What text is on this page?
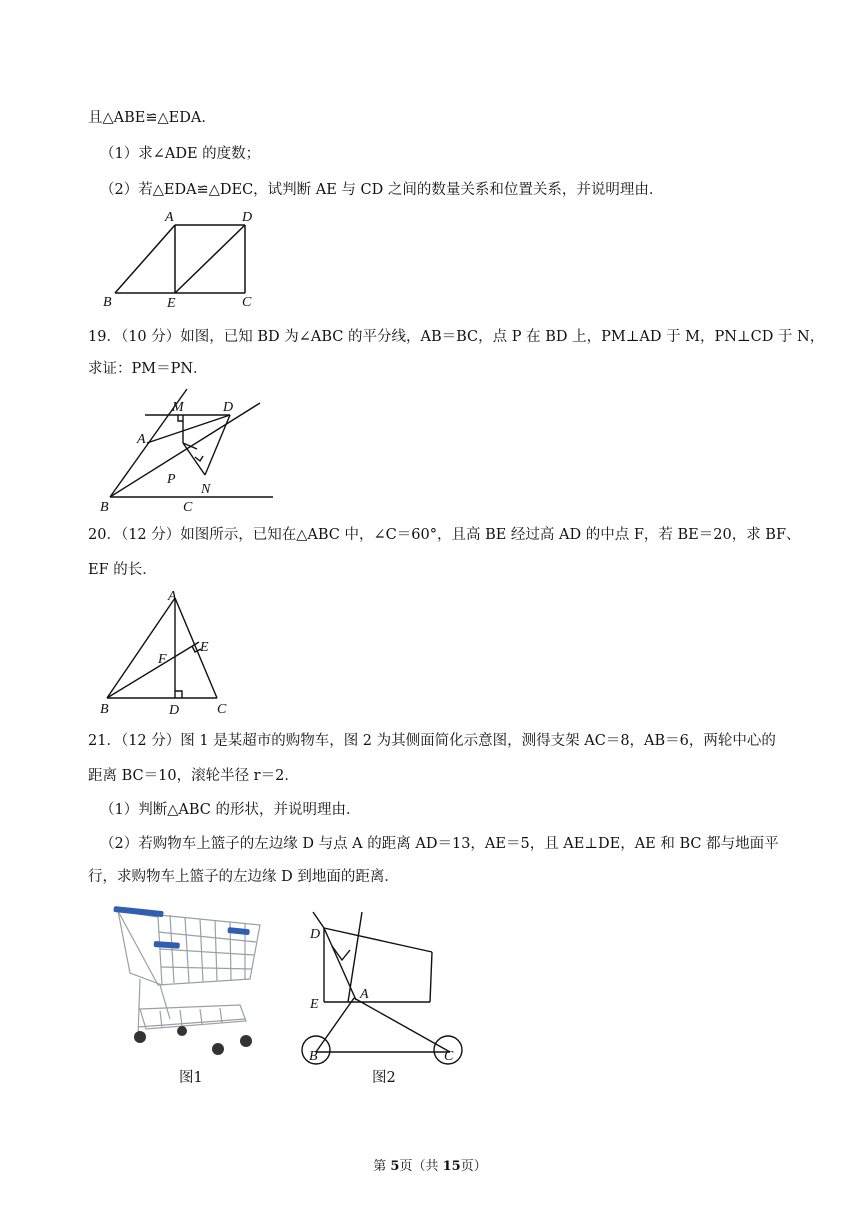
且△ABE≌△EDA．
（1）求∠ADE 的度数；
（2）若△EDA≌△DEC，试判断 AE 与 CD 之间的数量关系和位置关系，并说明理由．
A	D
B	E	C
19．（10 分）如图，已知 BD 为∠ABC 的平分线，AB＝BC，点 P 在 BD 上，PM⊥AD 于 M，PN⊥CD 于 N，
求证：PM＝PN．
A
M	D
P
N
B	C
20．（12 分）如图所示，已知在△ABC 中，∠C＝60°，且高 BE 经过高 AD 的中点 F，若 BE＝20，求 BF、
EF 的长．
A
E
F
B	D	C
21．（12 分）图 1 是某超市的购物车，图 2 为其侧面简化示意图，测得支架 AC＝8，AB＝6，两轮中心的
距离 BC＝10，滚轮半径 r＝2．
（1）判断△ABC 的形状，并说明理由．
（2）若购物车上篮子的左边缘 D 与点 A 的距离 AD＝13，AE＝5，且 AE⊥DE，AE 和 BC 都与地面平
行，求购物车上篮子的左边缘 D 到地面的距离．
图1
D
E
A
B	C
图2
第 5页（共 15页）
